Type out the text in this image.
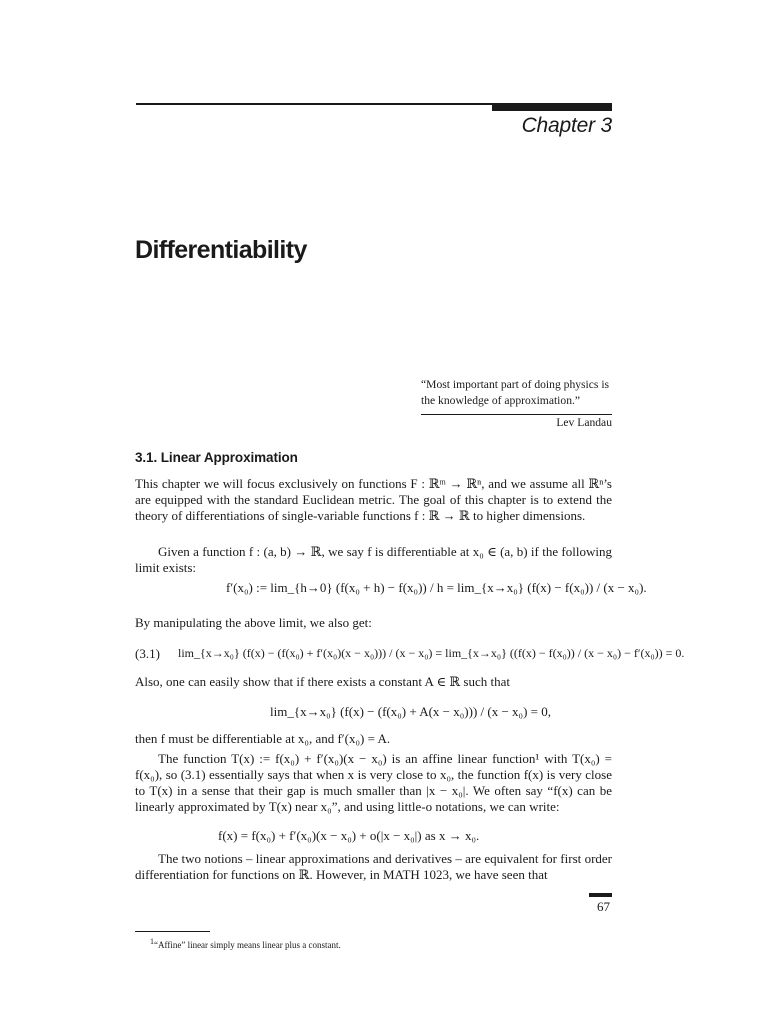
Chapter 3
Differentiability
“Most important part of doing physics is the knowledge of approximation.”
Lev Landau
3.1. Linear Approximation
This chapter we will focus exclusively on functions F : ℝᵐ → ℝⁿ, and we assume all ℝⁿ’s are equipped with the standard Euclidean metric. The goal of this chapter is to extend the theory of differentiations of single-variable functions f : ℝ → ℝ to higher dimensions.
Given a function f : (a, b) → ℝ, we say f is differentiable at x₀ ∈ (a, b) if the following limit exists:
f′(x₀) := lim_{h→0} (f(x₀ + h) − f(x₀)) / h = lim_{x→x₀} (f(x) − f(x₀)) / (x − x₀).
By manipulating the above limit, we also get:
(3.1) lim_{x→x₀} (f(x) − (f(x₀) + f′(x₀)(x − x₀))) / (x − x₀) = lim_{x→x₀} ((f(x) − f(x₀)) / (x − x₀) − f′(x₀)) = 0.
Also, one can easily show that if there exists a constant A ∈ ℝ such that
lim_{x→x₀} (f(x) − (f(x₀) + A(x − x₀))) / (x − x₀) = 0,
then f must be differentiable at x₀, and f′(x₀) = A.
The function T(x) := f(x₀) + f′(x₀)(x − x₀) is an affine linear function¹ with T(x₀) = f(x₀), so (3.1) essentially says that when x is very close to x₀, the function f(x) is very close to T(x) in a sense that their gap is much smaller than |x − x₀|. We often say “f(x) can be linearly approximated by T(x) near x₀”, and using little-o notations, we can write:
f(x) = f(x₀) + f′(x₀)(x − x₀) + o(|x − x₀|) as x → x₀.
The two notions – linear approximations and derivatives – are equivalent for first order differentiation for functions on ℝ. However, in MATH 1023, we have seen that
67
$^1$“Affine” linear simply means linear plus a constant.
